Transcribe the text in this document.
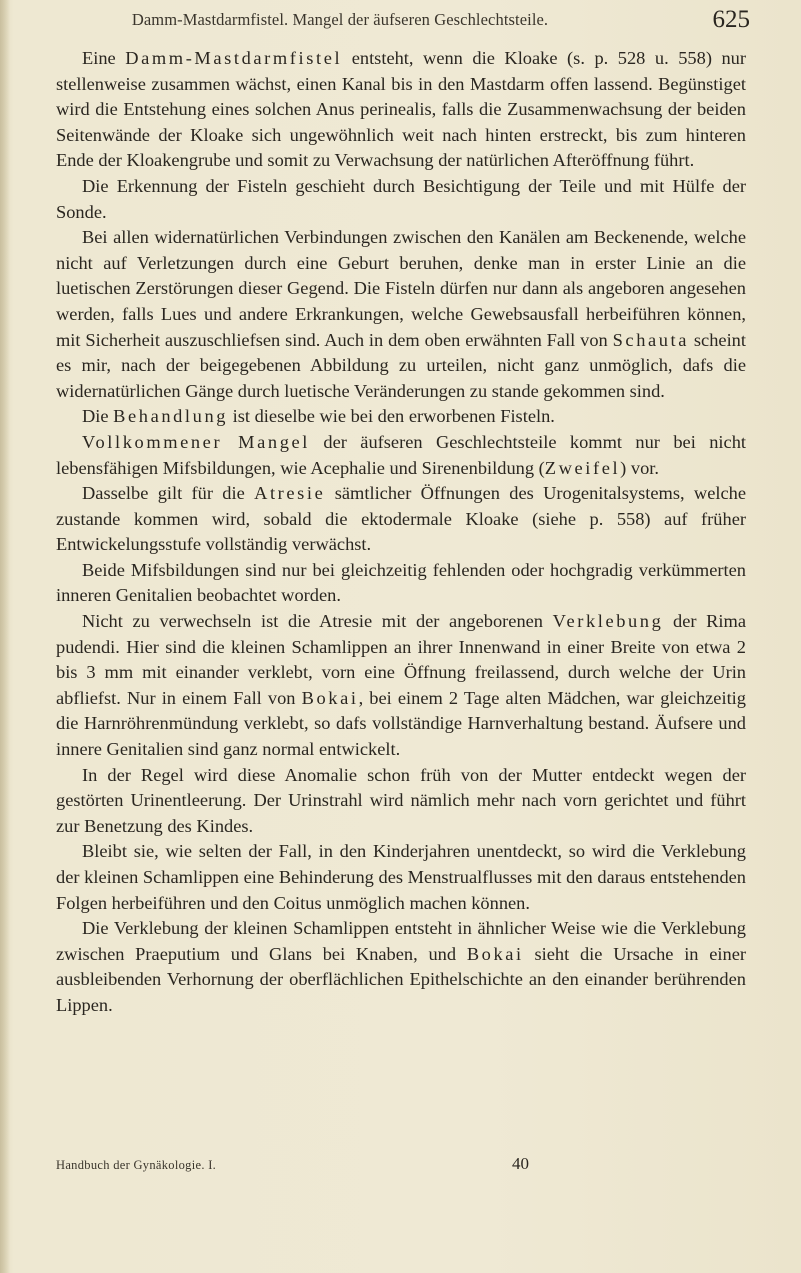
Damm-Mastdarmfistel. Mangel der äufseren Geschlechtsteile.	625

Eine Damm-Mastdarmfistel entsteht, wenn die Kloake (s. p. 528 u. 558) nur stellenweise zusammen wächst, einen Kanal bis in den Mastdarm offen lassend. Begünstiget wird die Entstehung eines solchen Anus perinealis, falls die Zusammenwachsung der beiden Seitenwände der Kloake sich ungewöhnlich weit nach hinten erstreckt, bis zum hinteren Ende der Kloakengrube und somit zu Verwachsung der natürlichen Afteröffnung führt.

Die Erkennung der Fisteln geschieht durch Besichtigung der Teile und mit Hülfe der Sonde.

Bei allen widernatürlichen Verbindungen zwischen den Kanälen am Beckenende, welche nicht auf Verletzungen durch eine Geburt beruhen, denke man in erster Linie an die luetischen Zerstörungen dieser Gegend. Die Fisteln dürfen nur dann als angeboren angesehen werden, falls Lues und andere Erkrankungen, welche Gewebsausfall herbeiführen können, mit Sicherheit auszuschliefsen sind. Auch in dem oben erwähnten Fall von Schauta scheint es mir, nach der beigegebenen Abbildung zu urteilen, nicht ganz unmöglich, dafs die widernatürlichen Gänge durch luetische Veränderungen zu stande gekommen sind.

Die Behandlung ist dieselbe wie bei den erworbenen Fisteln.

Vollkommener Mangel der äufseren Geschlechtsteile kommt nur bei nicht lebensfähigen Mifsbildungen, wie Acephalie und Sirenenbildung (Zweifel) vor.

Dasselbe gilt für die Atresie sämtlicher Öffnungen des Urogenitalsystems, welche zustande kommen wird, sobald die ektodermale Kloake (siehe p. 558) auf früher Entwickelungsstufe vollständig verwächst.

Beide Mifsbildungen sind nur bei gleichzeitig fehlenden oder hochgradig verkümmerten inneren Genitalien beobachtet worden.

Nicht zu verwechseln ist die Atresie mit der angeborenen Verklebung der Rima pudendi. Hier sind die kleinen Schamlippen an ihrer Innenwand in einer Breite von etwa 2 bis 3 mm mit einander verklebt, vorn eine Öffnung freilassend, durch welche der Urin abfliefst. Nur in einem Fall von Bokai, bei einem 2 Tage alten Mädchen, war gleichzeitig die Harnröhrenmündung verklebt, so dafs vollständige Harnverhaltung bestand. Äufsere und innere Genitalien sind ganz normal entwickelt.

In der Regel wird diese Anomalie schon früh von der Mutter entdeckt wegen der gestörten Urinentleerung. Der Urinstrahl wird nämlich mehr nach vorn gerichtet und führt zur Benetzung des Kindes.

Bleibt sie, wie selten der Fall, in den Kinderjahren unentdeckt, so wird die Verklebung der kleinen Schamlippen eine Behinderung des Menstrualflusses mit den daraus entstehenden Folgen herbeiführen und den Coitus unmöglich machen können.

Die Verklebung der kleinen Schamlippen entsteht in ähnlicher Weise wie die Verklebung zwischen Praeputium und Glans bei Knaben, und Bokai sieht die Ursache in einer ausbleibenden Verhornung der oberflächlichen Epithelschichte an den einander berührenden Lippen.

Handbuch der Gynäkologie. I.	40
